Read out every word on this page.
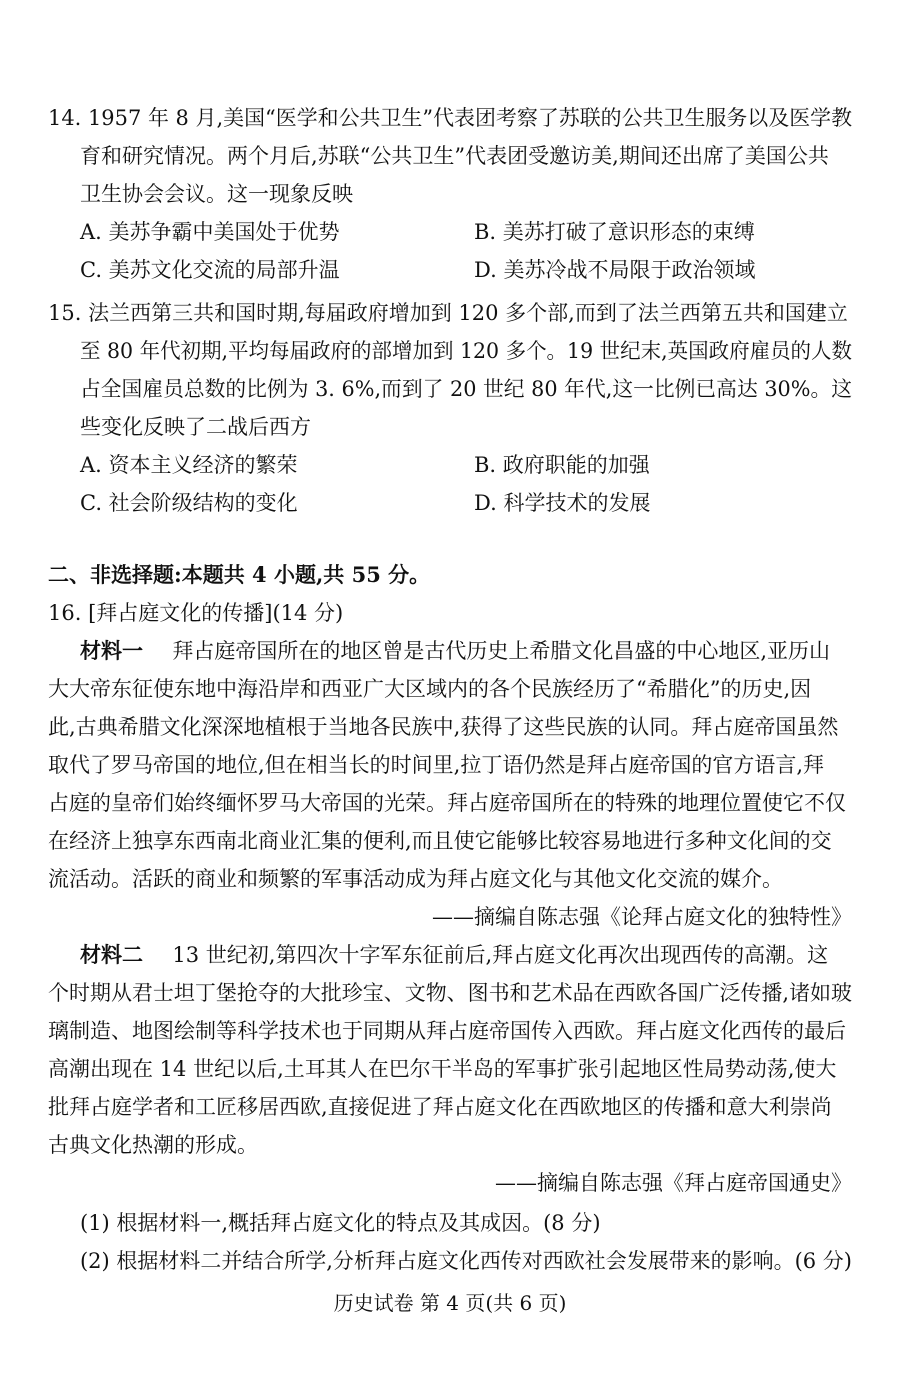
14. 1957 年 8 月,美国“医学和公共卫生”代表团考察了苏联的公共卫生服务以及医学教
育和研究情况。两个月后,苏联“公共卫生”代表团受邀访美,期间还出席了美国公共
卫生协会会议。这一现象反映
A. 美苏争霸中美国处于优势	B. 美苏打破了意识形态的束缚
C. 美苏文化交流的局部升温	D. 美苏冷战不局限于政治领域
15. 法兰西第三共和国时期,每届政府增加到 120 多个部,而到了法兰西第五共和国建立
至 80 年代初期,平均每届政府的部增加到 120 多个。19 世纪末,英国政府雇员的人数
占全国雇员总数的比例为 3. 6%,而到了 20 世纪 80 年代,这一比例已高达 30%。这
些变化反映了二战后西方
A. 资本主义经济的繁荣	B. 政府职能的加强
C. 社会阶级结构的变化	D. 科学技术的发展
二、非选择题:本题共 4 小题,共 55 分。
16. [拜占庭文化的传播](14 分)
材料一 拜占庭帝国所在的地区曾是古代历史上希腊文化昌盛的中心地区,亚历山
大大帝东征使东地中海沿岸和西亚广大区域内的各个民族经历了“希腊化”的历史,因
此,古典希腊文化深深地植根于当地各民族中,获得了这些民族的认同。拜占庭帝国虽然
取代了罗马帝国的地位,但在相当长的时间里,拉丁语仍然是拜占庭帝国的官方语言,拜
占庭的皇帝们始终缅怀罗马大帝国的光荣。拜占庭帝国所在的特殊的地理位置使它不仅
在经济上独享东西南北商业汇集的便利,而且使它能够比较容易地进行多种文化间的交
流活动。活跃的商业和频繁的军事活动成为拜占庭文化与其他文化交流的媒介。
——摘编自陈志强《论拜占庭文化的独特性》
材料二 13 世纪初,第四次十字军东征前后,拜占庭文化再次出现西传的高潮。这
个时期从君士坦丁堡抢夺的大批珍宝、文物、图书和艺术品在西欧各国广泛传播,诸如玻
璃制造、地图绘制等科学技术也于同期从拜占庭帝国传入西欧。拜占庭文化西传的最后
高潮出现在 14 世纪以后,土耳其人在巴尔干半岛的军事扩张引起地区性局势动荡,使大
批拜占庭学者和工匠移居西欧,直接促进了拜占庭文化在西欧地区的传播和意大利崇尚
古典文化热潮的形成。
——摘编自陈志强《拜占庭帝国通史》
(1) 根据材料一,概括拜占庭文化的特点及其成因。(8 分)
(2) 根据材料二并结合所学,分析拜占庭文化西传对西欧社会发展带来的影响。(6 分)
历史试卷 第 4 页(共 6 页)
